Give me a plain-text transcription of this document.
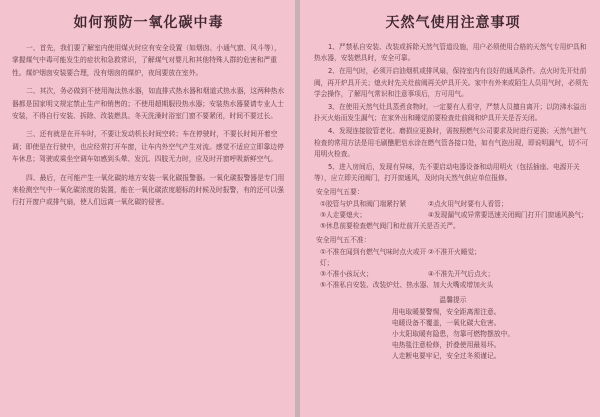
如何预防一氧化碳中毒

一、首先，我们要了解室内使用煤火时应有安全设置（如烟囱、小通气窗、风斗等），掌握煤气中毒可能发生的症状和急救常识，了解煤气对婴儿和其他特殊人群的危害和严重性。煤炉烟囱安装要合理，没有烟囱的煤炉，夜间要放在室外。

二、其次，务必做到不使用淘汰热水器，如直排式热水器和烟道式热水器，这两种热水器都是国家明文规定禁止生产和销售的；不使用超期服役热水器；安装热水器要请专业人士安装，不得自行安装、拆除、改装燃具。冬天洗澡时浴室门窗不要紧闭，时间不要过长。

三、还有就是在开车时，不要让发动机长时间空转；车在停驶时，不要长时间开着空调；即使是在行驶中，也应经常打开车窗，让车内外空气产生对流。感觉不适应立即靠边停车休息；驾驶或乘坐空调车如感到头晕、发沉、四肢无力时，应及时开窗呼吸新鲜空气。

四、最后，在可能产生一氧化碳的地方安装一氧化碳报警器。一氧化碳报警器是专门用来检测空气中一氧化碳浓度的装置，能在一氧化碳浓度超标的时候及时报警，有的还可以强行打开窗户或排气扇，使人们远离一氧化碳的侵害。

天然气使用注意事项

1、严禁私自安装、改装或拆除天然气管道设施，用户必须使用合格的天然气专用炉具和热水器，安装燃具时，安全可靠。

2、在用气时，必须开启油烟机或排风扇，保持室内有良好的通风条件。点火时先开灶前阀，再开炉具开关；熄火时先关灶前阀再关炉具开关。家中有外来或陌生人员用气时，必须先学会操作，了解用气常识和注意事项后，方可用气。

3、在使用天然气灶具蒸煮食物时，一定要有人看守，严禁人员擅自离开；以防沸水溢出扑灭火焰而发生漏气；在家外出和睡觉前要检查灶前阀和炉具开关是否关闭。

4、发现连接胶管老化、磨损应更换时，需按照燃气公司要求及时进行更换；天然气泄气检查的常用方法是用毛刷醮肥皂水涂在燃气管各接口处，如有气泡出现，即说明漏气，切不可用明火检查。

5、进入房间后，发现有异味，先不要启动电器设备和动用明火（包括插座、电源开关等），应立即关闭阀门，打开窗通风，及时向天然气供应单位报修。

安全用气五要：
①胶管与炉具和阀门端紧拧紧	②点火用气时要有人看管；
③人走要熄火；	④发现漏气或异常要迅速关闭阀门打开门窗通风换气；
⑤休息前要检查燃气阀门和灶前开关是否关严。
安全用气五不准：
①不准在闻到有燃气气味时点火或开灯；
②不准开火睡觉；
③不准小孩玩火；	④不准先开气后点火；
⑤不准私自安装、改装炉灶、热水器、加大火嘴或增加火头
温馨提示
用电取暖要警惕，安全距离需注意。
电暖设备不覆盖，一氧化碳大危害。
小太阳取暖有隐患，勿靠可燃物摆放中。
电热毯注意检修，折叠使用最易坏。
人走断电要牢记，安全过冬须谨记。
